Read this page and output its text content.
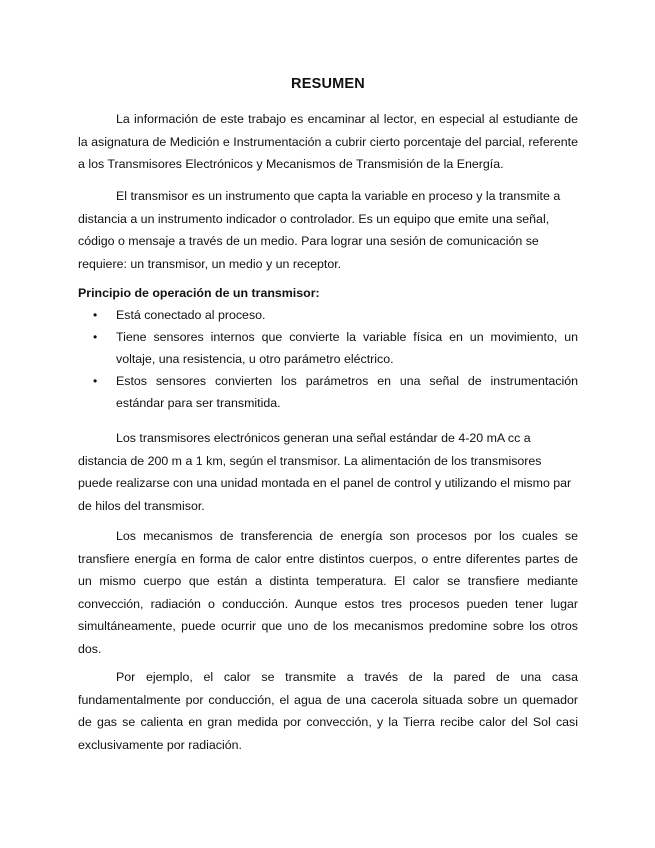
RESUMEN

La información de este trabajo es encaminar al lector, en especial al estudiante de la asignatura de Medición e Instrumentación a cubrir cierto porcentaje del parcial, referente a los Transmisores Electrónicos y Mecanismos de Transmisión de la Energía.

El transmisor es un instrumento que capta la variable en proceso y la transmite a distancia a un instrumento indicador o controlador. Es un equipo que emite una señal, código o mensaje a través de un medio. Para lograr una sesión de comunicación se requiere: un transmisor, un medio y un receptor.

Principio de operación de un transmisor:
• Está conectado al proceso.
• Tiene sensores internos que convierte la variable física en un movimiento, un voltaje, una resistencia, u otro parámetro eléctrico.
• Estos sensores convierten los parámetros en una señal de instrumentación estándar para ser transmitida.

Los transmisores electrónicos generan una señal estándar de 4-20 mA cc a distancia de 200 m a 1 km, según el transmisor. La alimentación de los transmisores puede realizarse con una unidad montada en el panel de control y utilizando el mismo par de hilos del transmisor.

Los mecanismos de transferencia de energía son procesos por los cuales se transfiere energía en forma de calor entre distintos cuerpos, o entre diferentes partes de un mismo cuerpo que están a distinta temperatura. El calor se transfiere mediante convección, radiación o conducción. Aunque estos tres procesos pueden tener lugar simultáneamente, puede ocurrir que uno de los mecanismos predomine sobre los otros dos.

Por ejemplo, el calor se transmite a través de la pared de una casa fundamentalmente por conducción, el agua de una cacerola situada sobre un quemador de gas se calienta en gran medida por convección, y la Tierra recibe calor del Sol casi exclusivamente por radiación.
